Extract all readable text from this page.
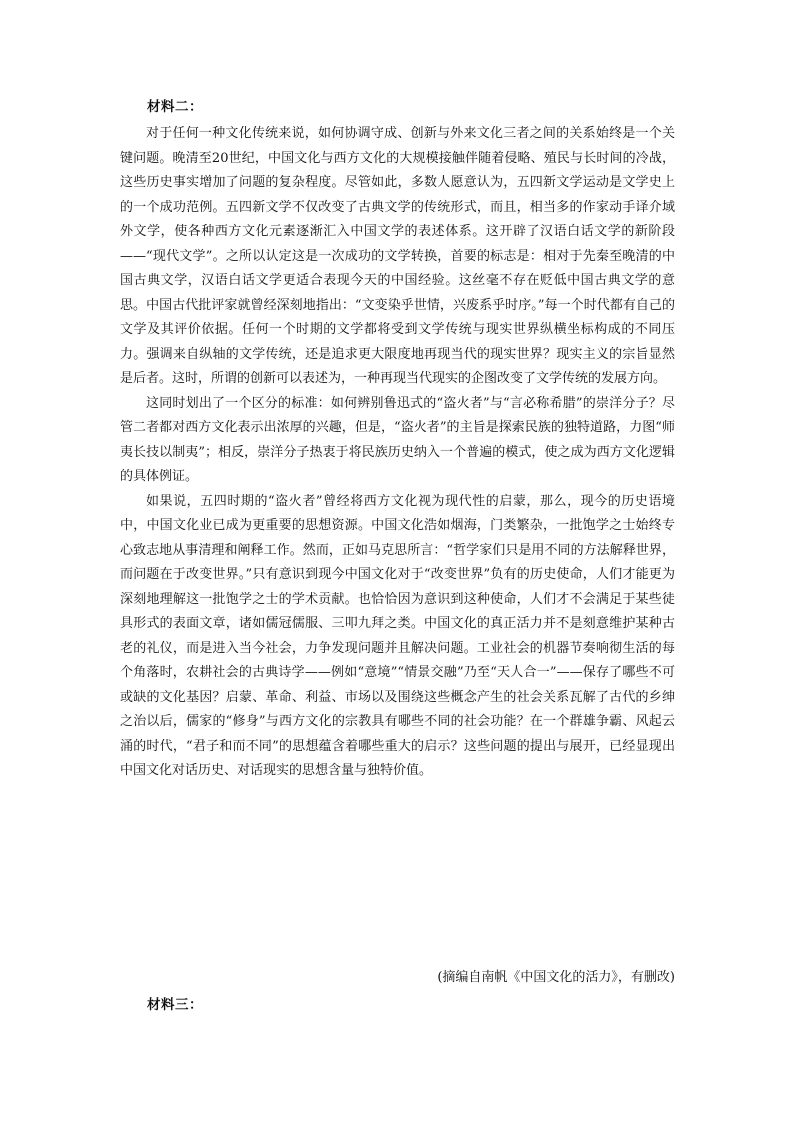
材料二：

对于任何一种文化传统来说，如何协调守成、创新与外来文化三者之间的关系始终是一个关键问题。晚清至20世纪，中国文化与西方文化的大规模接触伴随着侵略、殖民与长时间的冷战，这些历史事实增加了问题的复杂程度。尽管如此，多数人愿意认为，五四新文学运动是文学史上的一个成功范例。五四新文学不仅改变了古典文学的传统形式，而且，相当多的作家动手译介域外文学，使各种西方文化元素逐渐汇入中国文学的表述体系。这开辟了汉语白话文学的新阶段——“现代文学”。之所以认定这是一次成功的文学转换，首要的标志是：相对于先秦至晚清的中国古典文学，汉语白话文学更适合表现今天的中国经验。这丝毫不存在贬低中国古典文学的意思。中国古代批评家就曾经深刻地指出：“文变染乎世情，兴废系乎时序。”每一个时代都有自己的文学及其评价依据。任何一个时期的文学都将受到文学传统与现实世界纵横坐标构成的不同压力。强调来自纵轴的文学传统，还是追求更大限度地再现当代的现实世界？现实主义的宗旨显然是后者。这时，所谓的创新可以表述为，一种再现当代现实的企图改变了文学传统的发展方向。

这同时划出了一个区分的标准：如何辨别鲁迅式的“盗火者”与“言必称希腊”的崇洋分子？尽管二者都对西方文化表示出浓厚的兴趣，但是，“盗火者”的主旨是探索民族的独特道路，力图“师夷长技以制夷”；相反，崇洋分子热衷于将民族历史纳入一个普遍的模式，使之成为西方文化逻辑的具体例证。

如果说，五四时期的“盗火者”曾经将西方文化视为现代性的启蒙，那么，现今的历史语境中，中国文化业已成为更重要的思想资源。中国文化浩如烟海，门类繁杂，一批饱学之士始终专心致志地从事清理和阐释工作。然而，正如马克思所言：“哲学家们只是用不同的方法解释世界，而问题在于改变世界。”只有意识到现今中国文化对于“改变世界”负有的历史使命，人们才能更为深刻地理解这一批饱学之士的学术贡献。也恰恰因为意识到这种使命，人们才不会满足于某些徒具形式的表面文章，诸如儒冠儒服、三叩九拜之类。中国文化的真正活力并不是刻意维护某种古老的礼仪，而是进入当今社会，力争发现问题并且解决问题。工业社会的机器节奏响彻生活的每个角落时，农耕社会的古典诗学——例如“意境”“情景交融”乃至“天人合一”——保存了哪些不可或缺的文化基因？启蒙、革命、利益、市场以及围绕这些概念产生的社会关系瓦解了古代的乡绅之治以后，儒家的“修身”与西方文化的宗教具有哪些不同的社会功能？在一个群雄争霸、风起云涌的时代，“君子和而不同”的思想蕴含着哪些重大的启示？这些问题的提出与展开，已经显现出中国文化对话历史、对话现实的思想含量与独特价值。

(摘编自南帆《中国文化的活力》，有删改)
材料三：
